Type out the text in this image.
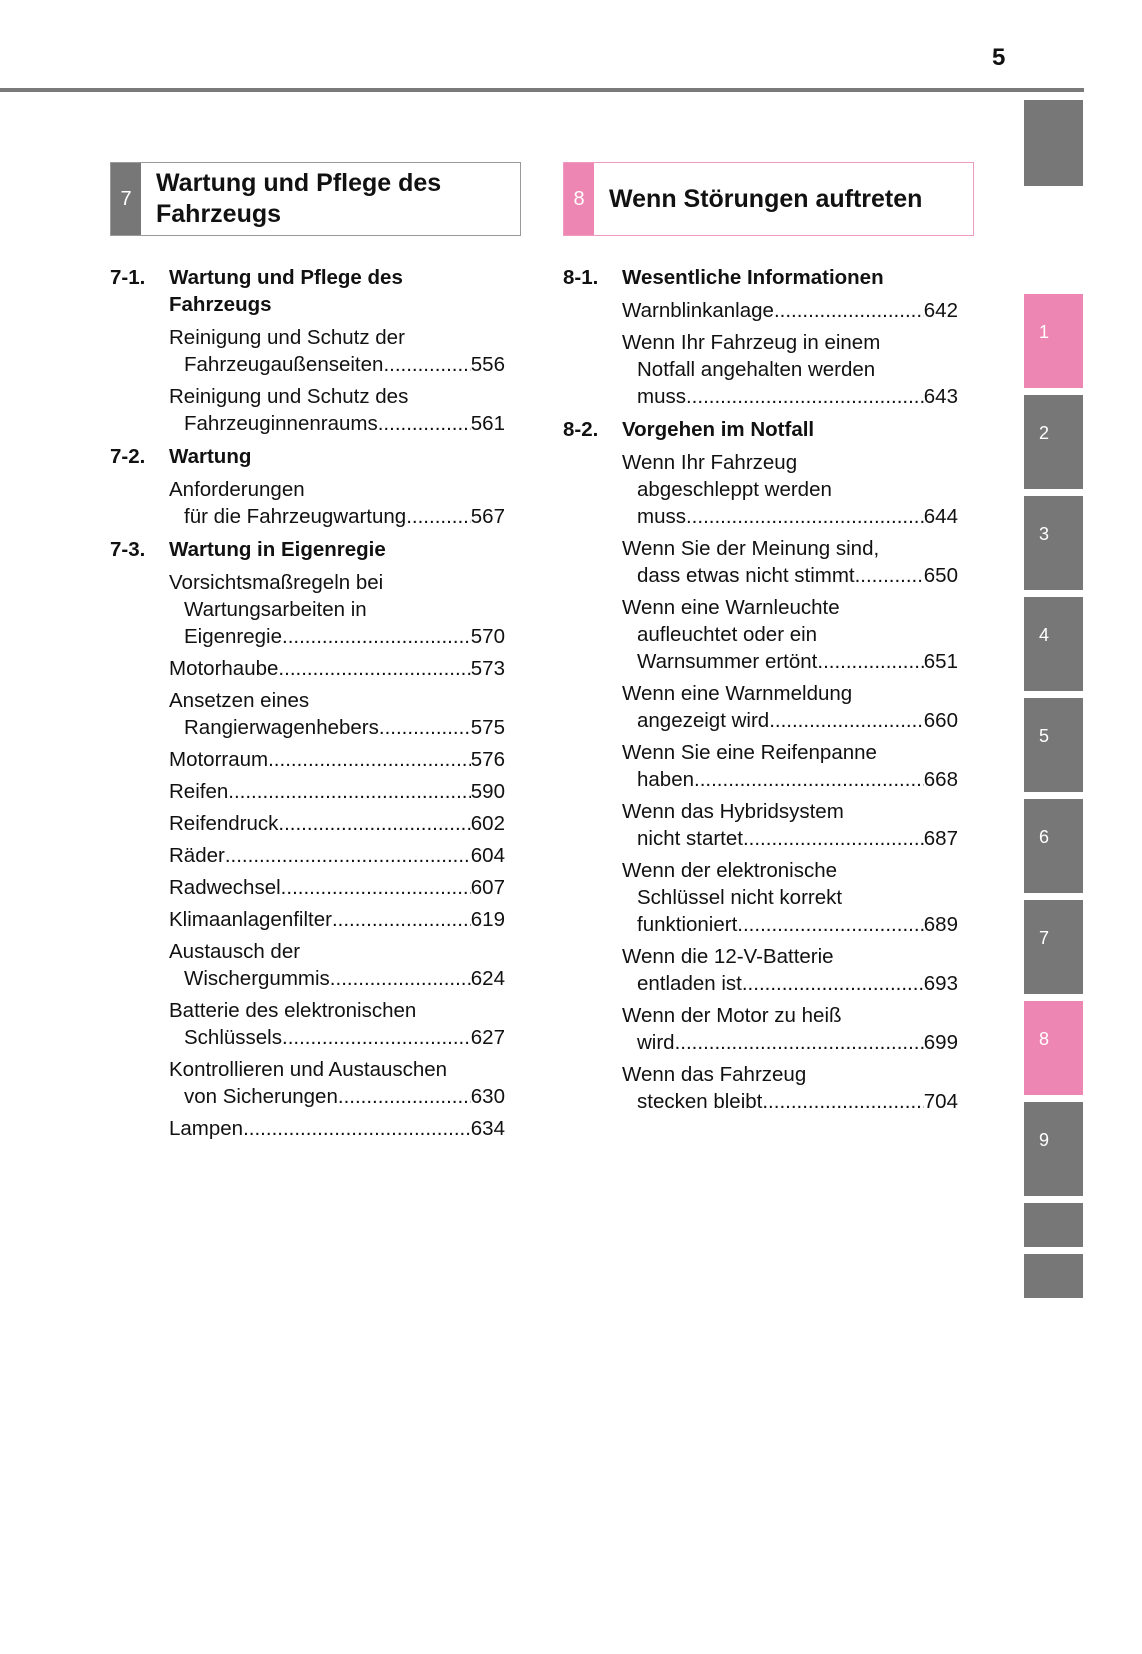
5
1
2
3
4
5
6
7
8
9
7
Wartung und Pflege des Fahrzeugs
7-1.	Wartung und Pflege des Fahrzeugs
Reinigung und Schutz der
Fahrzeugaußenseiten .....	556
Reinigung und Schutz des
Fahrzeuginnenraums .....	561
7-2.	Wartung
Anforderungen
für die Fahrzeugwartung .....	567
7-3.	Wartung in Eigenregie
Vorsichtsmaßregeln bei
Wartungsarbeiten in
Eigenregie .....	570
Motorhaube .....	573
Ansetzen eines
Rangierwagenhebers .....	575
Motorraum .....	576
Reifen .....	590
Reifendruck .....	602
Räder .....	604
Radwechsel .....	607
Klimaanlagenfilter .....	619
Austausch der
Wischergummis .....	624
Batterie des elektronischen
Schlüssels .....	627
Kontrollieren und Austauschen
von Sicherungen .....	630
Lampen .....	634
8 Wenn Störungen auftreten
8-1.	Wesentliche Informationen
Warnblinkanlage .....	642
Wenn Ihr Fahrzeug in einem
Notfall angehalten werden
muss .....	643
8-2.	Vorgehen im Notfall
Wenn Ihr Fahrzeug
abgeschleppt werden
muss .....	644
Wenn Sie der Meinung sind,
dass etwas nicht stimmt .....	650
Wenn eine Warnleuchte
aufleuchtet oder ein
Warnsummer ertönt .....	651
Wenn eine Warnmeldung
angezeigt wird .....	660
Wenn Sie eine Reifenpanne
haben .....	668
Wenn das Hybridsystem
nicht startet .....	687
Wenn der elektronische
Schlüssel nicht korrekt
funktioniert .....	689
Wenn die 12-V-Batterie
entladen ist .....	693
Wenn der Motor zu heiß
wird .....	699
Wenn das Fahrzeug
stecken bleibt .....	704
